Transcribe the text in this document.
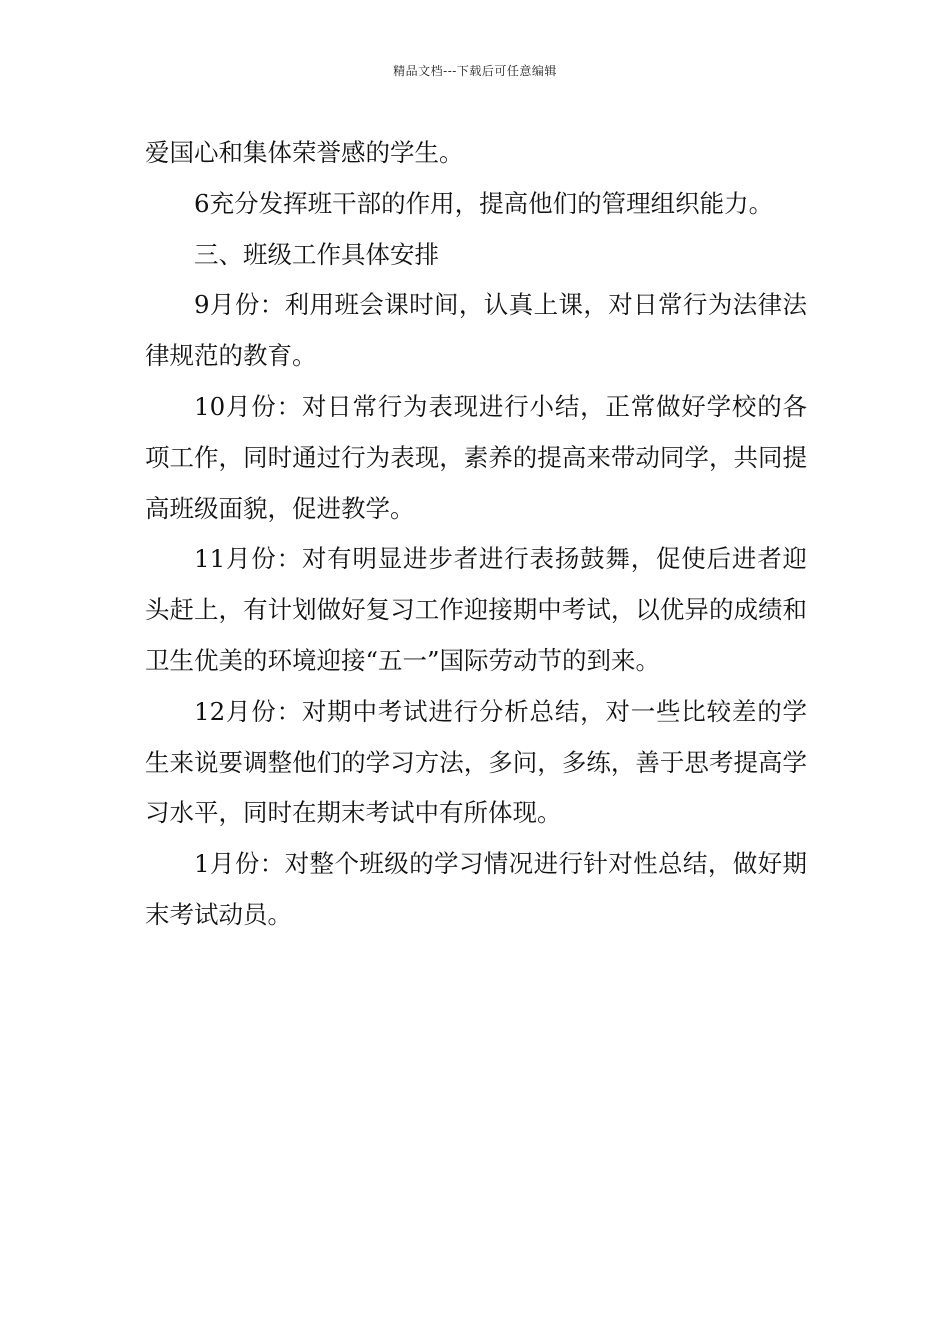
精品文档---下载后可任意编辑

爱国心和集体荣誉感的学生。

6充分发挥班干部的作用，提高他们的管理组织能力。

三、班级工作具体安排

9月份：利用班会课时间，认真上课，对日常行为法律法律规范的教育。

10月份：对日常行为表现进行小结，正常做好学校的各项工作，同时通过行为表现，素养的提高来带动同学，共同提高班级面貌，促进教学。

11月份：对有明显进步者进行表扬鼓舞，促使后进者迎头赶上，有计划做好复习工作迎接期中考试，以优异的成绩和卫生优美的环境迎接“五一”国际劳动节的到来。

12月份：对期中考试进行分析总结，对一些比较差的学生来说要调整他们的学习方法，多问，多练，善于思考提高学习水平，同时在期末考试中有所体现。

1月份：对整个班级的学习情况进行针对性总结，做好期末考试动员。
